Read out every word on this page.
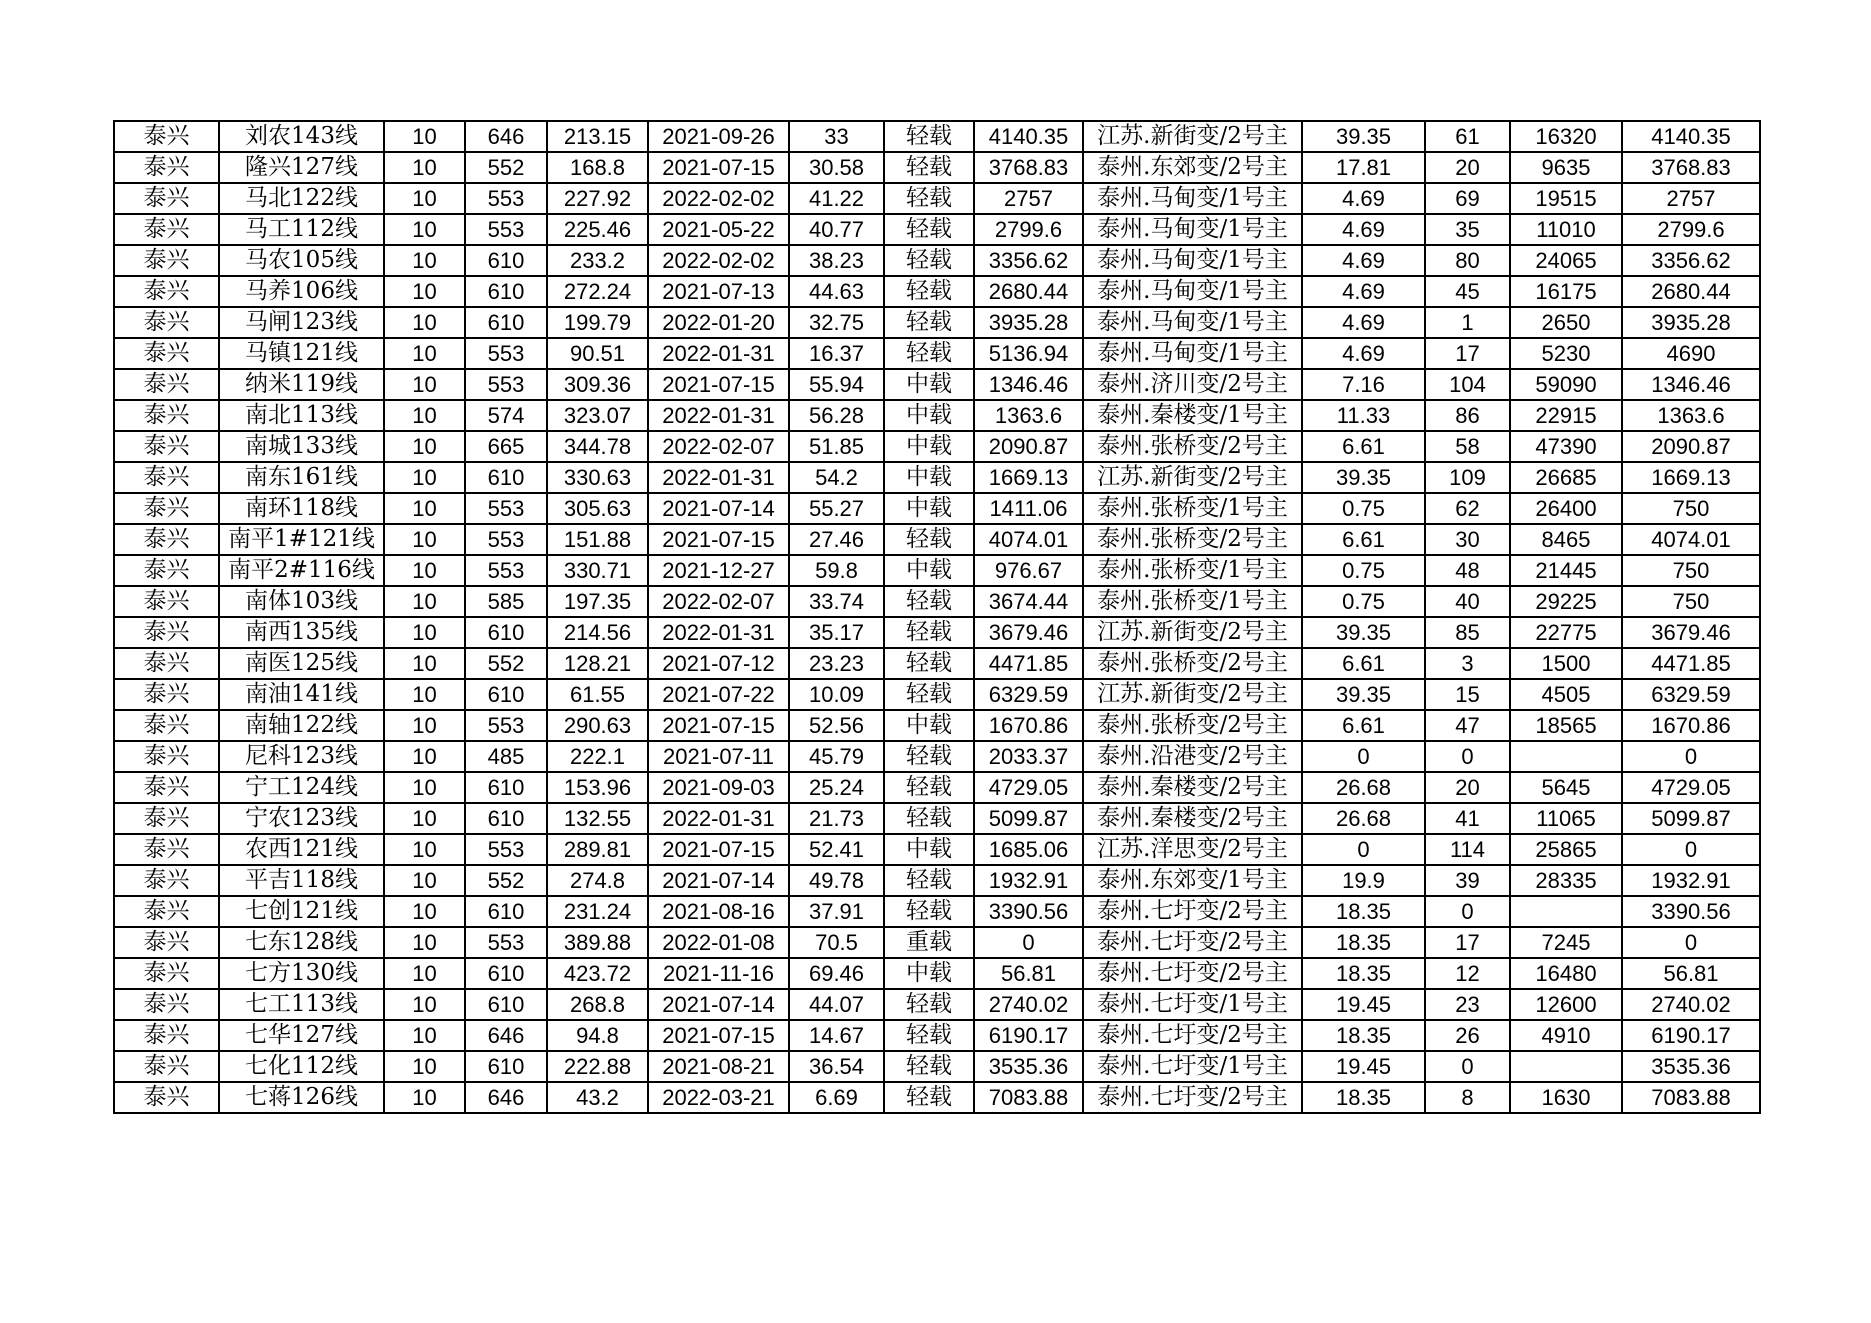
泰兴	刘农143线	10	646	213.15	2021-09-26	33	轻载	4140.35	江苏.新街变/2号主	39.35	61	16320	4140.35
泰兴	隆兴127线	10	552	168.8	2021-07-15	30.58	轻载	3768.83	泰州.东郊变/2号主	17.81	20	9635	3768.83
泰兴	马北122线	10	553	227.92	2022-02-02	41.22	轻载	2757	泰州.马甸变/1号主	4.69	69	19515	2757
泰兴	马工112线	10	553	225.46	2021-05-22	40.77	轻载	2799.6	泰州.马甸变/1号主	4.69	35	11010	2799.6
泰兴	马农105线	10	610	233.2	2022-02-02	38.23	轻载	3356.62	泰州.马甸变/1号主	4.69	80	24065	3356.62
泰兴	马养106线	10	610	272.24	2021-07-13	44.63	轻载	2680.44	泰州.马甸变/1号主	4.69	45	16175	2680.44
泰兴	马闸123线	10	610	199.79	2022-01-20	32.75	轻载	3935.28	泰州.马甸变/1号主	4.69	1	2650	3935.28
泰兴	马镇121线	10	553	90.51	2022-01-31	16.37	轻载	5136.94	泰州.马甸变/1号主	4.69	17	5230	4690
泰兴	纳米119线	10	553	309.36	2021-07-15	55.94	中载	1346.46	泰州.济川变/2号主	7.16	104	59090	1346.46
泰兴	南北113线	10	574	323.07	2022-01-31	56.28	中载	1363.6	泰州.秦楼变/1号主	11.33	86	22915	1363.6
泰兴	南城133线	10	665	344.78	2022-02-07	51.85	中载	2090.87	泰州.张桥变/2号主	6.61	58	47390	2090.87
泰兴	南东161线	10	610	330.63	2022-01-31	54.2	中载	1669.13	江苏.新街变/2号主	39.35	109	26685	1669.13
泰兴	南环118线	10	553	305.63	2021-07-14	55.27	中载	1411.06	泰州.张桥变/1号主	0.75	62	26400	750
泰兴	南平1#121线	10	553	151.88	2021-07-15	27.46	轻载	4074.01	泰州.张桥变/2号主	6.61	30	8465	4074.01
泰兴	南平2#116线	10	553	330.71	2021-12-27	59.8	中载	976.67	泰州.张桥变/1号主	0.75	48	21445	750
泰兴	南体103线	10	585	197.35	2022-02-07	33.74	轻载	3674.44	泰州.张桥变/1号主	0.75	40	29225	750
泰兴	南西135线	10	610	214.56	2022-01-31	35.17	轻载	3679.46	江苏.新街变/2号主	39.35	85	22775	3679.46
泰兴	南医125线	10	552	128.21	2021-07-12	23.23	轻载	4471.85	泰州.张桥变/2号主	6.61	3	1500	4471.85
泰兴	南油141线	10	610	61.55	2021-07-22	10.09	轻载	6329.59	江苏.新街变/2号主	39.35	15	4505	6329.59
泰兴	南轴122线	10	553	290.63	2021-07-15	52.56	中载	1670.86	泰州.张桥变/2号主	6.61	47	18565	1670.86
泰兴	尼科123线	10	485	222.1	2021-07-11	45.79	轻载	2033.37	泰州.沿港变/2号主	0	0		0
泰兴	宁工124线	10	610	153.96	2021-09-03	25.24	轻载	4729.05	泰州.秦楼变/2号主	26.68	20	5645	4729.05
泰兴	宁农123线	10	610	132.55	2022-01-31	21.73	轻载	5099.87	泰州.秦楼变/2号主	26.68	41	11065	5099.87
泰兴	农西121线	10	553	289.81	2021-07-15	52.41	中载	1685.06	江苏.洋思变/2号主	0	114	25865	0
泰兴	平吉118线	10	552	274.8	2021-07-14	49.78	轻载	1932.91	泰州.东郊变/1号主	19.9	39	28335	1932.91
泰兴	七创121线	10	610	231.24	2021-08-16	37.91	轻载	3390.56	泰州.七圩变/2号主	18.35	0		3390.56
泰兴	七东128线	10	553	389.88	2022-01-08	70.5	重载	0	泰州.七圩变/2号主	18.35	17	7245	0
泰兴	七方130线	10	610	423.72	2021-11-16	69.46	中载	56.81	泰州.七圩变/2号主	18.35	12	16480	56.81
泰兴	七工113线	10	610	268.8	2021-07-14	44.07	轻载	2740.02	泰州.七圩变/1号主	19.45	23	12600	2740.02
泰兴	七华127线	10	646	94.8	2021-07-15	14.67	轻载	6190.17	泰州.七圩变/2号主	18.35	26	4910	6190.17
泰兴	七化112线	10	610	222.88	2021-08-21	36.54	轻载	3535.36	泰州.七圩变/1号主	19.45	0		3535.36
泰兴	七蒋126线	10	646	43.2	2022-03-21	6.69	轻载	7083.88	泰州.七圩变/2号主	18.35	8	1630	7083.88
